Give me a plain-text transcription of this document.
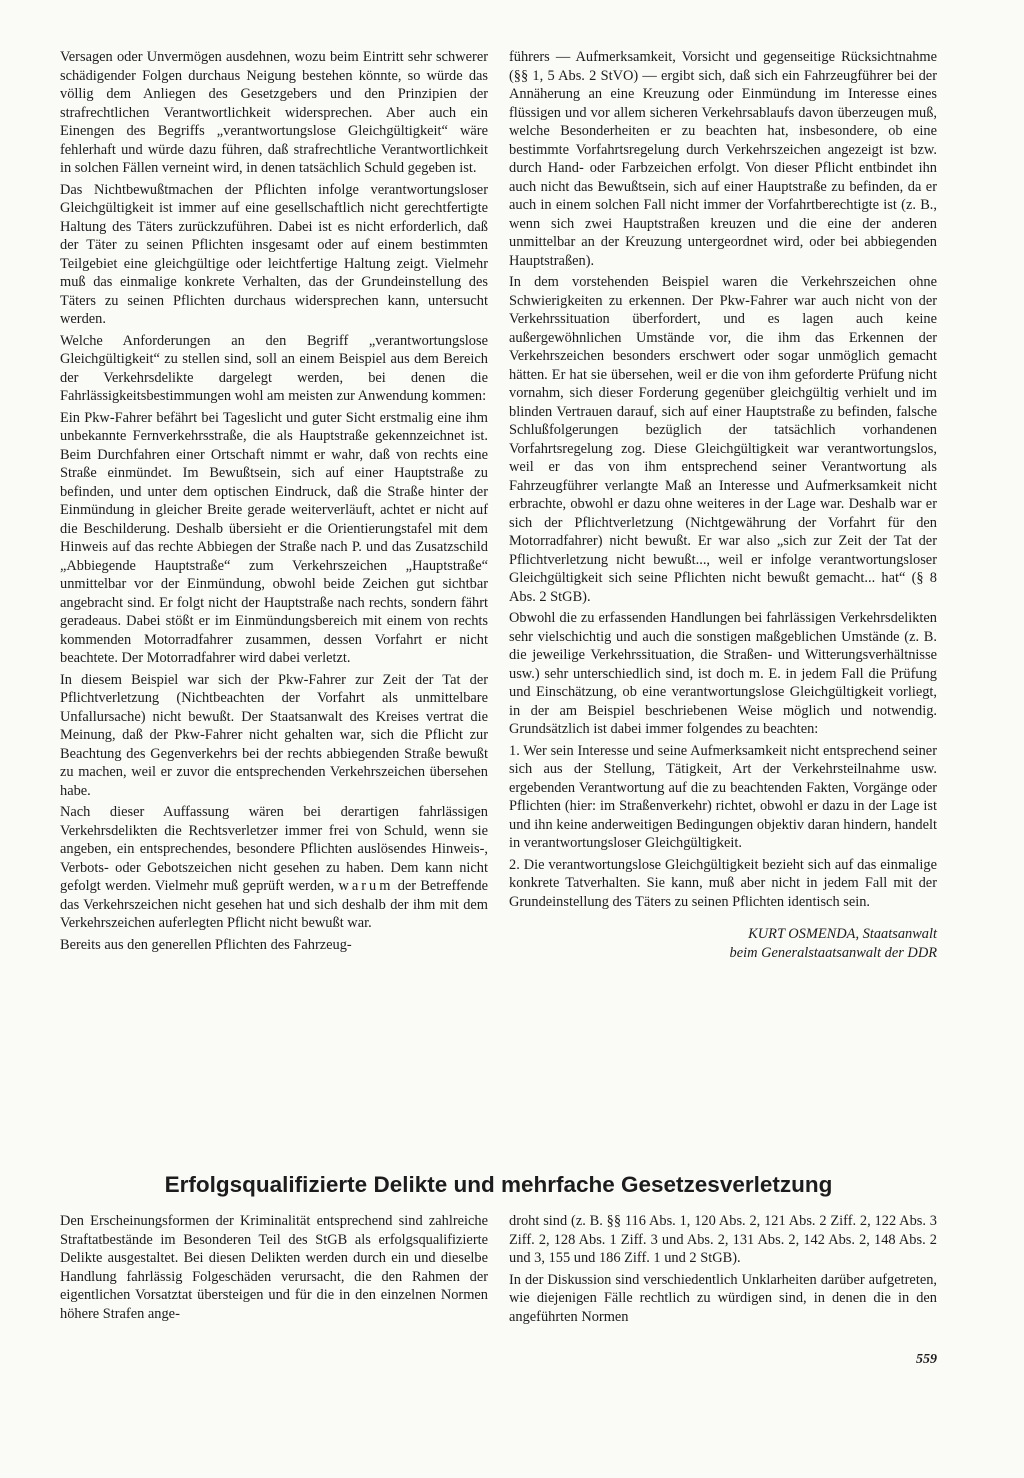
Versagen oder Unvermögen ausdehnen, wozu beim Eintritt sehr schwerer schädigender Folgen durchaus Neigung bestehen könnte, so würde das völlig dem Anliegen des Gesetzgebers und den Prinzipien der strafrechtlichen Verantwortlichkeit widersprechen. Aber auch ein Einengen des Begriffs „verantwortungslose Gleichgültigkeit“ wäre fehlerhaft und würde dazu führen, daß strafrechtliche Verantwortlichkeit in solchen Fällen verneint wird, in denen tatsächlich Schuld gegeben ist.

Das Nichtbewußtmachen der Pflichten infolge verantwortungsloser Gleichgültigkeit ist immer auf eine gesellschaftlich nicht gerechtfertigte Haltung des Täters zurückzuführen. Dabei ist es nicht erforderlich, daß der Täter zu seinen Pflichten insgesamt oder auf einem bestimmten Teilgebiet eine gleichgültige oder leichtfertige Haltung zeigt. Vielmehr muß das einmalige konkrete Verhalten, das der Grundeinstellung des Täters zu seinen Pflichten durchaus widersprechen kann, untersucht werden.

Welche Anforderungen an den Begriff „verantwortungslose Gleichgültigkeit“ zu stellen sind, soll an einem Beispiel aus dem Bereich der Verkehrsdelikte dargelegt werden, bei denen die Fahrlässigkeitsbestimmungen wohl am meisten zur Anwendung kommen:

Ein Pkw-Fahrer befährt bei Tageslicht und guter Sicht erstmalig eine ihm unbekannte Fernverkehrsstraße, die als Hauptstraße gekennzeichnet ist. Beim Durchfahren einer Ortschaft nimmt er wahr, daß von rechts eine Straße einmündet. Im Bewußtsein, sich auf einer Hauptstraße zu befinden, und unter dem optischen Eindruck, daß die Straße hinter der Einmündung in gleicher Breite gerade weiterverläuft, achtet er nicht auf die Beschilderung. Deshalb übersieht er die Orientierungstafel mit dem Hinweis auf das rechte Abbiegen der Straße nach P. und das Zusatzschild „Abbiegende Hauptstraße“ zum Verkehrszeichen „Hauptstraße“ unmittelbar vor der Einmündung, obwohl beide Zeichen gut sichtbar angebracht sind. Er folgt nicht der Hauptstraße nach rechts, sondern fährt geradeaus. Dabei stößt er im Einmündungsbereich mit einem von rechts kommenden Motorradfahrer zusammen, dessen Vorfahrt er nicht beachtete. Der Motorradfahrer wird dabei verletzt.

In diesem Beispiel war sich der Pkw-Fahrer zur Zeit der Tat der Pflichtverletzung (Nichtbeachten der Vorfahrt als unmittelbare Unfallursache) nicht bewußt. Der Staatsanwalt des Kreises vertrat die Meinung, daß der Pkw-Fahrer nicht gehalten war, sich die Pflicht zur Beachtung des Gegenverkehrs bei der rechts abbiegenden Straße bewußt zu machen, weil er zuvor die entsprechenden Verkehrszeichen übersehen habe.

Nach dieser Auffassung wären bei derartigen fahrlässigen Verkehrsdelikten die Rechtsverletzer immer frei von Schuld, wenn sie angeben, ein entsprechendes, besondere Pflichten auslösendes Hinweis-, Verbots- oder Gebotszeichen nicht gesehen zu haben. Dem kann nicht gefolgt werden. Vielmehr muß geprüft werden, warum der Betreffende das Verkehrszeichen nicht gesehen hat und sich deshalb der ihm mit dem Verkehrszeichen auferlegten Pflicht nicht bewußt war.

Bereits aus den generellen Pflichten des Fahrzeug-

führers — Aufmerksamkeit, Vorsicht und gegenseitige Rücksichtnahme (§§ 1, 5 Abs. 2 StVO) — ergibt sich, daß sich ein Fahrzeugführer bei der Annäherung an eine Kreuzung oder Einmündung im Interesse eines flüssigen und vor allem sicheren Verkehrsablaufs davon überzeugen muß, welche Besonderheiten er zu beachten hat, insbesondere, ob eine bestimmte Vorfahrtsregelung durch Verkehrszeichen angezeigt ist bzw. durch Hand- oder Farbzeichen erfolgt. Von dieser Pflicht entbindet ihn auch nicht das Bewußtsein, sich auf einer Hauptstraße zu befinden, da er auch in einem solchen Fall nicht immer der Vorfahrtberechtigte ist (z. B., wenn sich zwei Hauptstraßen kreuzen und die eine der anderen unmittelbar an der Kreuzung untergeordnet wird, oder bei abbiegenden Hauptstraßen).

In dem vorstehenden Beispiel waren die Verkehrszeichen ohne Schwierigkeiten zu erkennen. Der Pkw-Fahrer war auch nicht von der Verkehrssituation überfordert, und es lagen auch keine außergewöhnlichen Umstände vor, die ihm das Erkennen der Verkehrszeichen besonders erschwert oder sogar unmöglich gemacht hätten. Er hat sie übersehen, weil er die von ihm geforderte Prüfung nicht vornahm, sich dieser Forderung gegenüber gleichgültig verhielt und im blinden Vertrauen darauf, sich auf einer Hauptstraße zu befinden, falsche Schlußfolgerungen bezüglich der tatsächlich vorhandenen Vorfahrtsregelung zog. Diese Gleichgültigkeit war verantwortungslos, weil er das von ihm entsprechend seiner Verantwortung als Fahrzeugführer verlangte Maß an Interesse und Aufmerksamkeit nicht erbrachte, obwohl er dazu ohne weiteres in der Lage war. Deshalb war er sich der Pflichtverletzung (Nichtgewährung der Vorfahrt für den Motorradfahrer) nicht bewußt. Er war also „sich zur Zeit der Tat der Pflichtverletzung nicht bewußt..., weil er infolge verantwortungsloser Gleichgültigkeit sich seine Pflichten nicht bewußt gemacht... hat“ (§ 8 Abs. 2 StGB).

Obwohl die zu erfassenden Handlungen bei fahrlässigen Verkehrsdelikten sehr vielschichtig und auch die sonstigen maßgeblichen Umstände (z. B. die jeweilige Verkehrssituation, die Straßen- und Witterungsverhältnisse usw.) sehr unterschiedlich sind, ist doch m. E. in jedem Fall die Prüfung und Einschätzung, ob eine verantwortungslose Gleichgültigkeit vorliegt, in der am Beispiel beschriebenen Weise möglich und notwendig. Grundsätzlich ist dabei immer folgendes zu beachten:

1. Wer sein Interesse und seine Aufmerksamkeit nicht entsprechend seiner sich aus der Stellung, Tätigkeit, Art der Verkehrsteilnahme usw. ergebenden Verantwortung auf die zu beachtenden Fakten, Vorgänge oder Pflichten (hier: im Straßenverkehr) richtet, obwohl er dazu in der Lage ist und ihn keine anderweitigen Bedingungen objektiv daran hindern, handelt in verantwortungsloser Gleichgültigkeit.

2. Die verantwortungslose Gleichgültigkeit bezieht sich auf das einmalige konkrete Tatverhalten. Sie kann, muß aber nicht in jedem Fall mit der Grundeinstellung des Täters zu seinen Pflichten identisch sein.

KURT OSMENDA, Staatsanwalt
beim Generalstaatsanwalt der DDR
Erfolgsqualifizierte Delikte und mehrfache Gesetzesverletzung

Den Erscheinungsformen der Kriminalität entsprechend sind zahlreiche Straftatbestände im Besonderen Teil des StGB als erfolgsqualifizierte Delikte ausgestaltet. Bei diesen Delikten werden durch ein und dieselbe Handlung fahrlässig Folgeschäden verursacht, die den Rahmen der eigentlichen Vorsatztat übersteigen und für die in den einzelnen Normen höhere Strafen ange-

droht sind (z. B. §§ 116 Abs. 1, 120 Abs. 2, 121 Abs. 2 Ziff. 2, 122 Abs. 3 Ziff. 2, 128 Abs. 1 Ziff. 3 und Abs. 2, 131 Abs. 2, 142 Abs. 2, 148 Abs. 2 und 3, 155 und 186 Ziff. 1 und 2 StGB).

In der Diskussion sind verschiedentlich Unklarheiten darüber aufgetreten, wie diejenigen Fälle rechtlich zu würdigen sind, in denen die in den angeführten Normen

559
